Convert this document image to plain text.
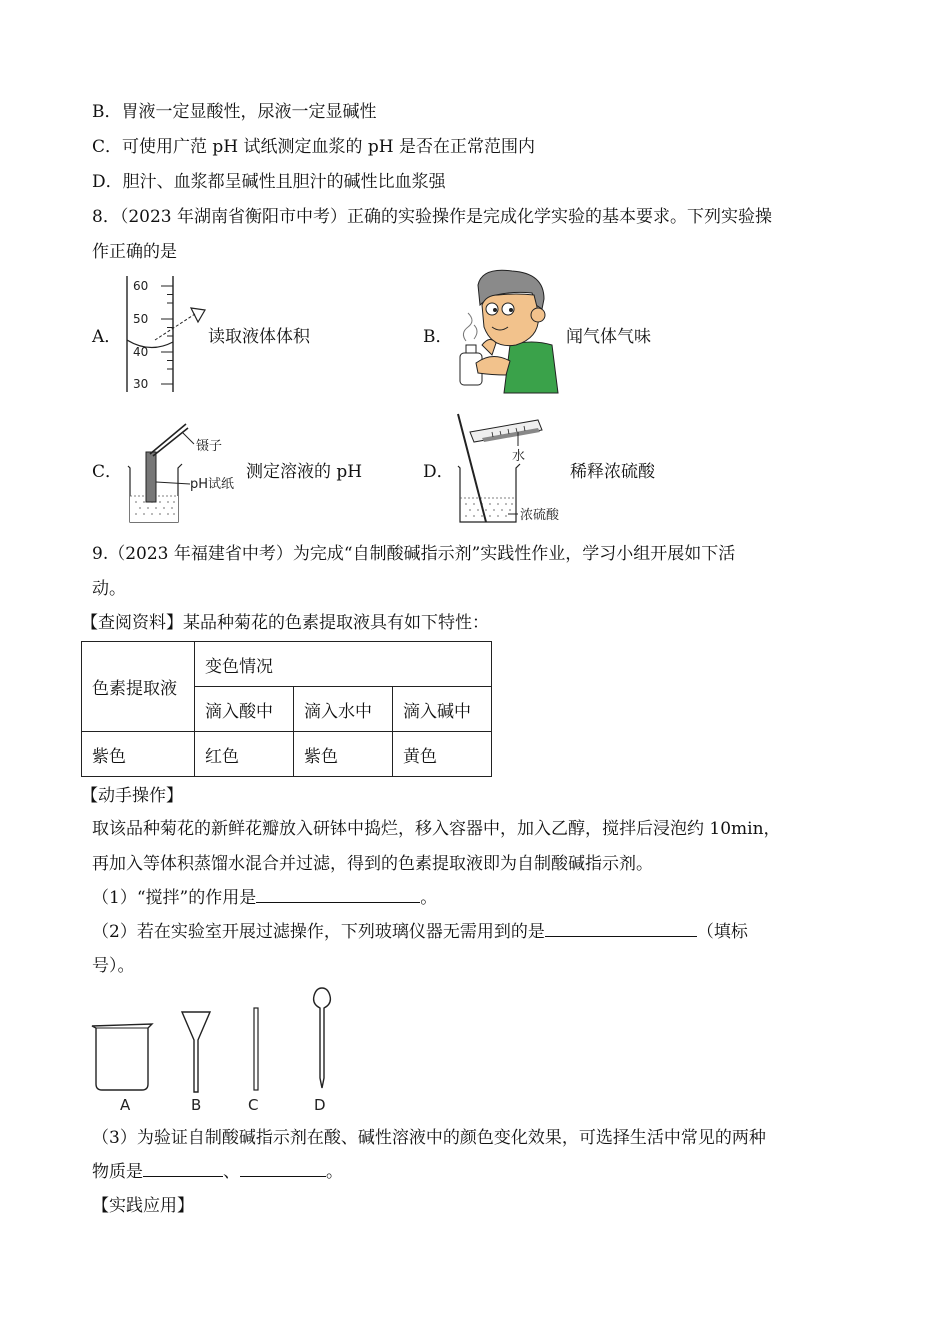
B．胃液一定显酸性，尿液一定显碱性
C．可使用广范 pH 试纸测定血浆的 pH 是否在正常范围内
D．胆汁、血浆都呈碱性且胆汁的碱性比血浆强
8．（2023 年湖南省衡阳市中考）正确的实验操作是完成化学实验的基本要求。下列实验操
作正确的是
A．
60
50
40
30
读取液体体积	B．	闻气体气味
C．
镊子
pH试纸
测定溶液的 pH	D．
水
浓硫酸
稀释浓硫酸
9.（2023 年福建省中考）为完成“自制酸碱指示剂”实践性作业，学习小组开展如下活
动。
【查阅资料】某品种菊花的色素提取液具有如下特性：
色素提取液	变色情况		
	滴入酸中	滴入水中	滴入碱中
紫色	红色	紫色	黄色
【动手操作】
取该品种菊花的新鲜花瓣放入研钵中捣烂，移入容器中，加入乙醇，搅拌后浸泡约 10min，
再加入等体积蒸馏水混合并过滤，得到的色素提取液即为自制酸碱指示剂。
（1）“搅拌”的作用是	。
（2）若在实验室开展过滤操作，下列玻璃仪器无需用到的是	（填标
号）。
A	B	C	D
（3）为验证自制酸碱指示剂在酸、碱性溶液中的颜色变化效果，可选择生活中常见的两种
物质是	、	。
【实践应用】
